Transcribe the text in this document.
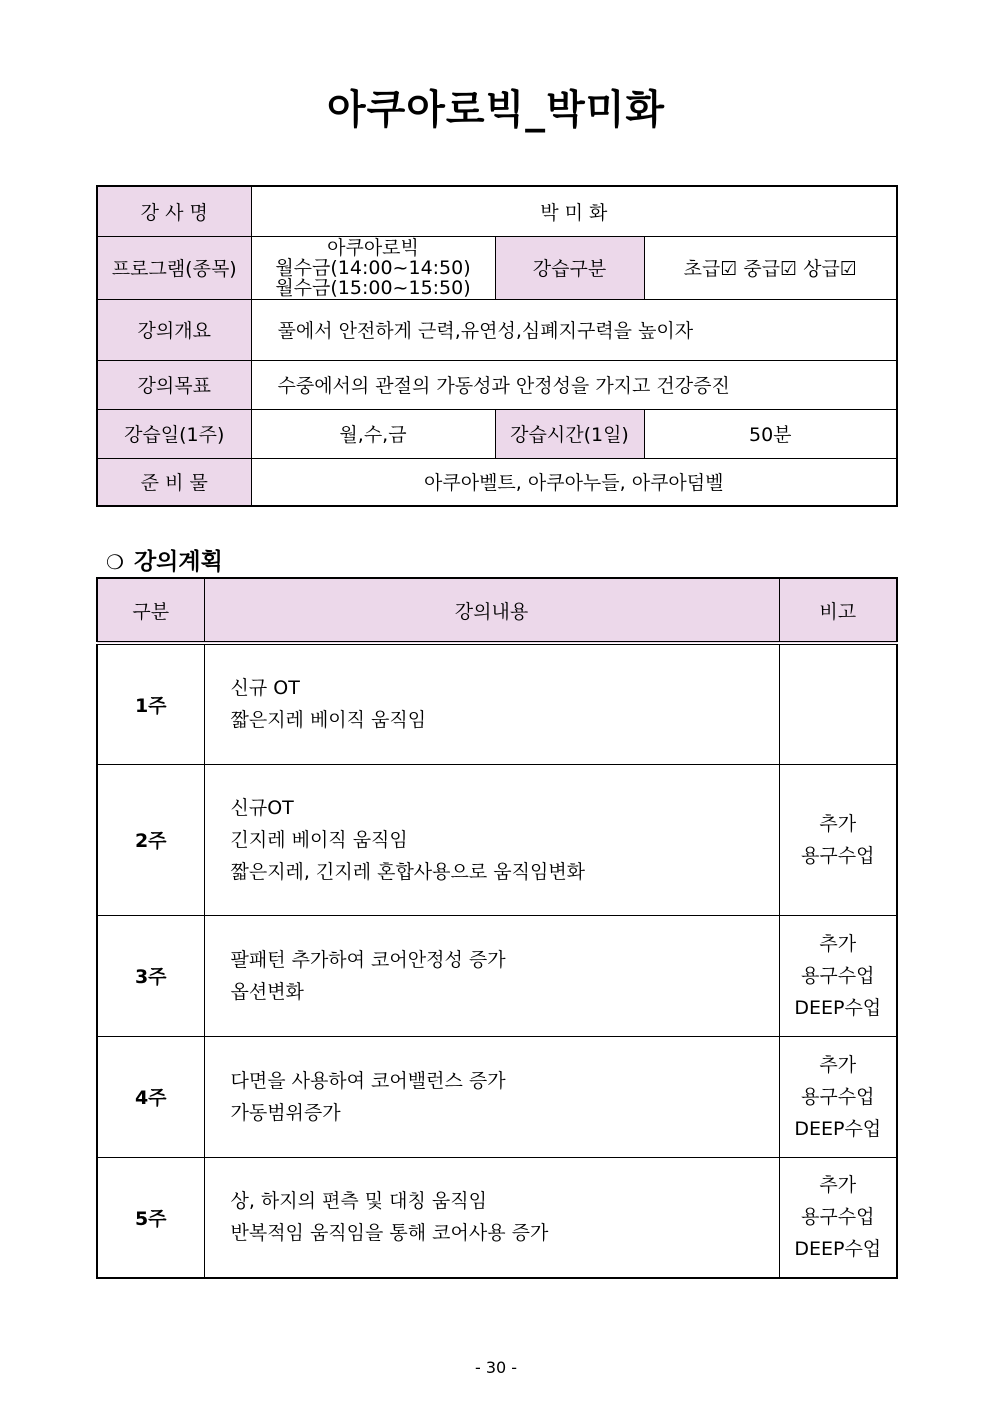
아쿠아로빅_박미화
강 사 명	박 미 화		
프로그램(종목)	아쿠아로빅
월수금(14:00~14:50)
월수금(15:00~15:50)	강습구분	초급☑ 중급☑ 상급☑
강의개요	풀에서 안전하게 근력,유연성,심폐지구력을 높이자		
강의목표	수중에서의 관절의 가동성과 안정성을 가지고 건강증진		
강습일(1주)	월,수,금	강습시간(1일)	50분
준 비 물	아쿠아벨트, 아쿠아누들, 아쿠아덤벨		
❍ 강의계획
구분	강의내용	비고
1주	신규 OT
짧은지레 베이직 움직임	

2주	신규OT
긴지레 베이직 움직임
짧은지레, 긴지레 혼합사용으로 움직임변화	추가
용구수업

3주	팔패턴 추가하여 코어안정성 증가
옵션변화	추가
용구수업
DEEP수업

4주	다면을 사용하여 코어밸런스 증가
가동범위증가	추가
용구수업
DEEP수업

5주	상, 하지의 편측 및 대칭 움직임
반복적임 움직임을 통해 코어사용 증가	추가
용구수업
DEEP수업
- 30 -
